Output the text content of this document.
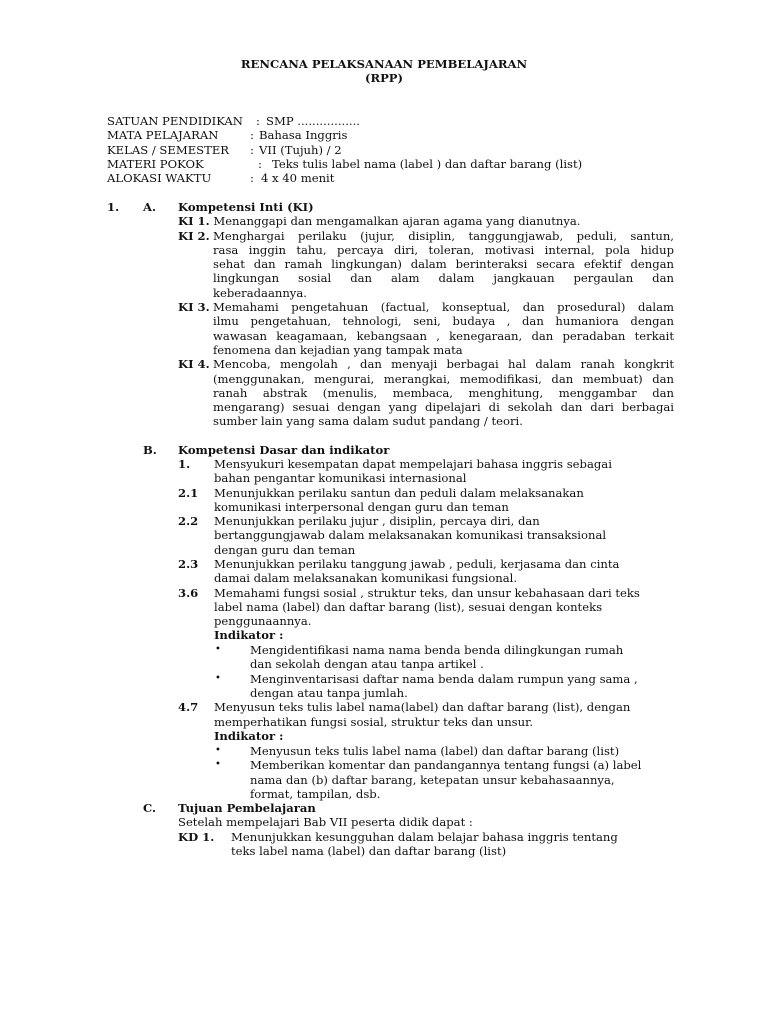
RENCANA PELAKSANAAN PEMBELAJARAN
(RPP)
SATUAN PENDIDIKAN : SMP .................
MATA PELAJARAN	: Bahasa Inggris
KELAS / SEMESTER : VII (Tujuh) / 2
MATERI POKOK	: Teks tulis label nama (label ) dan daftar barang (list)
ALOKASI WAKTU	: 4 x 40 menit
1. A. Kompetensi Inti (KI)
KI 1. Menanggapi dan mengamalkan ajaran agama yang dianutnya.
KI 2. Menghargai perilaku (jujur, disiplin, tanggungjawab, peduli, santun,
rasa inggin tahu, percaya diri, toleran, motivasi internal, pola hidup
sehat dan ramah lingkungan) dalam berinteraksi secara efektif dengan
lingkungan sosial dan alam dalam jangkauan pergaulan dan
keberadaannya.
KI 3. Memahami pengetahuan (factual, konseptual, dan prosedural) dalam
ilmu pengetahuan, tehnologi, seni, budaya , dan humaniora dengan
wawasan keagamaan, kebangsaan , kenegaraan, dan peradaban terkait
fenomena dan kejadian yang tampak mata
KI 4. Mencoba, mengolah , dan menyaji berbagai hal dalam ranah kongkrit
(menggunakan, mengurai, merangkai, memodifikasi, dan membuat) dan
ranah abstrak (menulis, membaca, menghitung, menggambar dan
mengarang) sesuai dengan yang dipelajari di sekolah dan dari berbagai
sumber lain yang sama dalam sudut pandang / teori.
B. Kompetensi Dasar dan indikator
1. Mensyukuri kesempatan dapat mempelajari bahasa inggris sebagai
bahan pengantar komunikasi internasional
2.1 Menunjukkan perilaku santun dan peduli dalam melaksanakan
komunikasi interpersonal dengan guru dan teman
2.2 Menunjukkan perilaku jujur , disiplin, percaya diri, dan
bertanggungjawab dalam melaksanakan komunikasi transaksional
dengan guru dan teman
2.3 Menunjukkan perilaku tanggung jawab , peduli, kerjasama dan cinta
damai dalam melaksanakan komunikasi fungsional.
3.6 Memahami fungsi sosial , struktur teks, dan unsur kebahasaan dari teks
label nama (label) dan daftar barang (list), sesuai dengan konteks
penggunaannya.
Indikator :
•	Mengidentifikasi nama nama benda benda dilingkungan rumah
dan sekolah dengan atau tanpa artikel .
•	Menginventarisasi daftar nama benda dalam rumpun yang sama ,
dengan atau tanpa jumlah.
4.7 Menyusun teks tulis label nama(label) dan daftar barang (list), dengan
memperhatikan fungsi sosial, struktur teks dan unsur.
Indikator :
•	Menyusun teks tulis label nama (label) dan daftar barang (list)
•	Memberikan komentar dan pandangannya tentang fungsi (a) label
nama dan (b) daftar barang, ketepatan unsur kebahasaannya,
format, tampilan, dsb.
C. Tujuan Pembelajaran
Setelah mempelajari Bab VII peserta didik dapat :
KD 1. Menunjukkan kesungguhan dalam belajar bahasa inggris tentang
teks label nama (label) dan daftar barang (list)
